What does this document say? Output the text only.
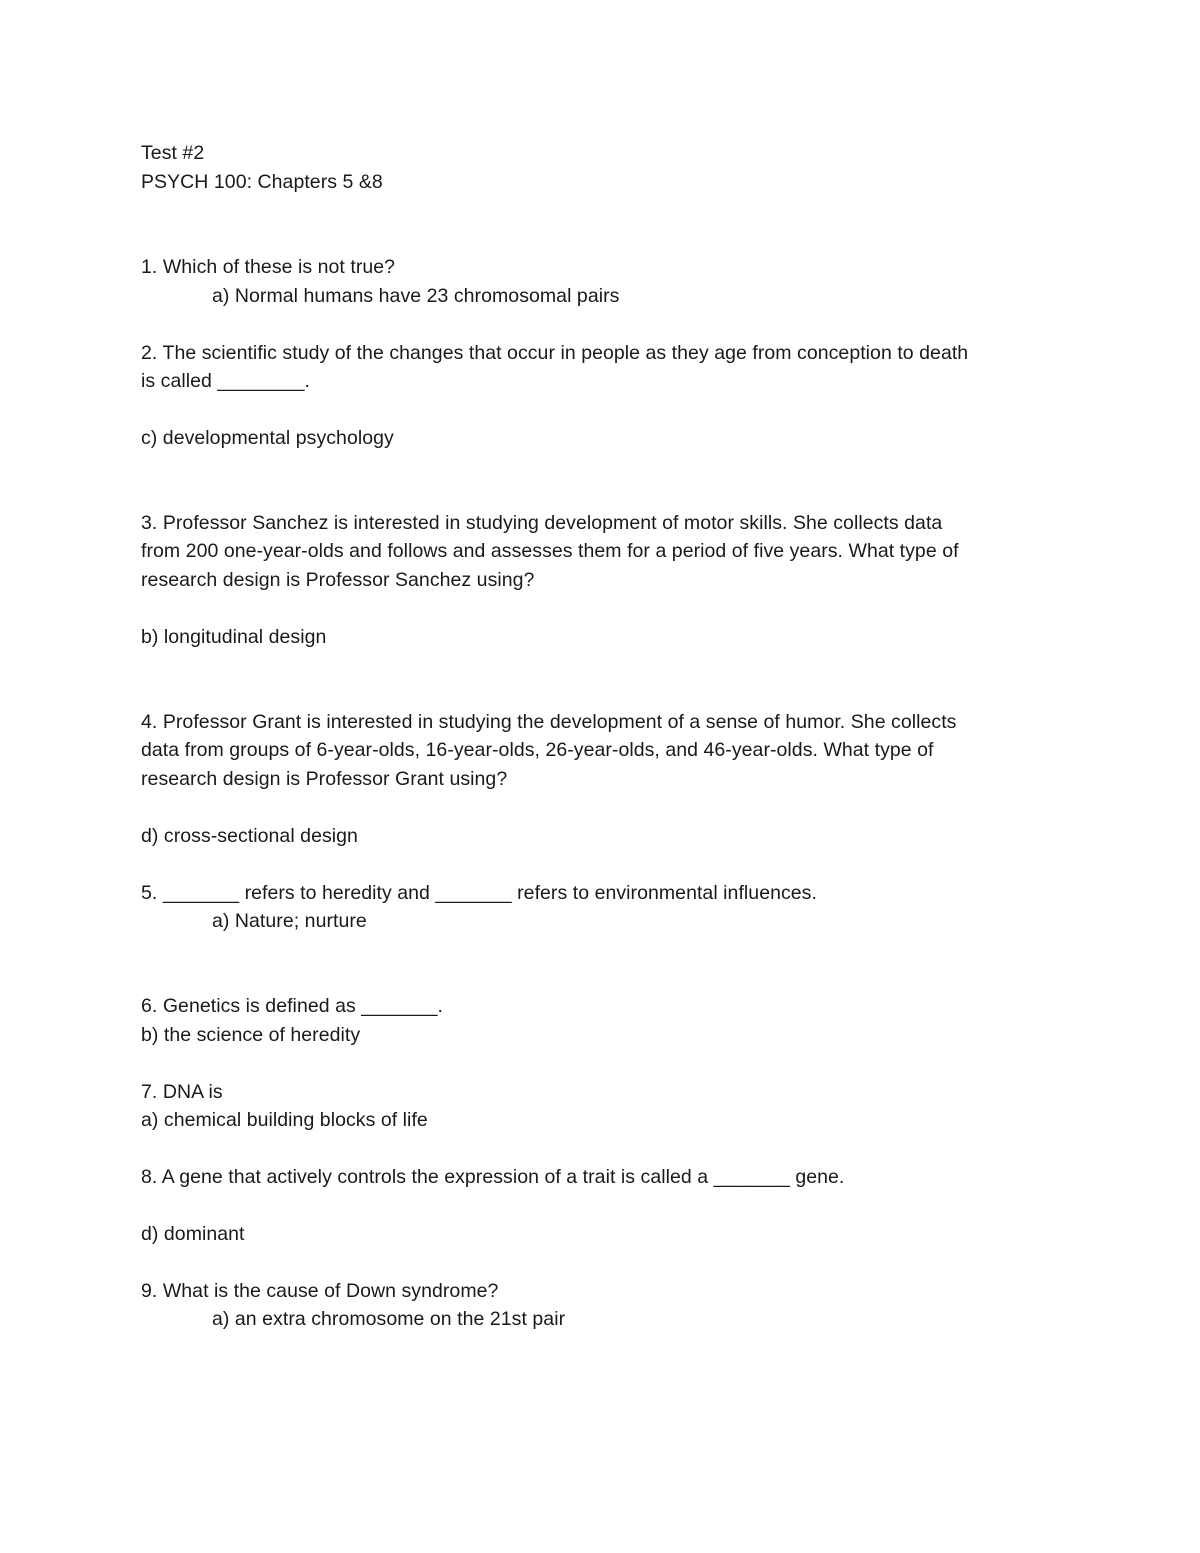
Test #2
PSYCH 100: Chapters 5 &8
1. Which of these is not true?
a) Normal humans have 23 chromosomal pairs
2. The scientific study of the changes that occur in people as they age from conception to death
is called ________.
c) developmental psychology
3. Professor Sanchez is interested in studying development of motor skills. She collects data
from 200 one-year-olds and follows and assesses them for a period of five years. What type of
research design is Professor Sanchez using?
b) longitudinal design
4. Professor Grant is interested in studying the development of a sense of humor. She collects
data from groups of 6-year-olds, 16-year-olds, 26-year-olds, and 46-year-olds. What type of
research design is Professor Grant using?
d) cross-sectional design
5. _______ refers to heredity and _______ refers to environmental influences.
a) Nature; nurture
6. Genetics is defined as _______.
b) the science of heredity
7. DNA is
a) chemical building blocks of life
8. A gene that actively controls the expression of a trait is called a _______ gene.
d) dominant
9. What is the cause of Down syndrome?
a) an extra chromosome on the 21st pair
